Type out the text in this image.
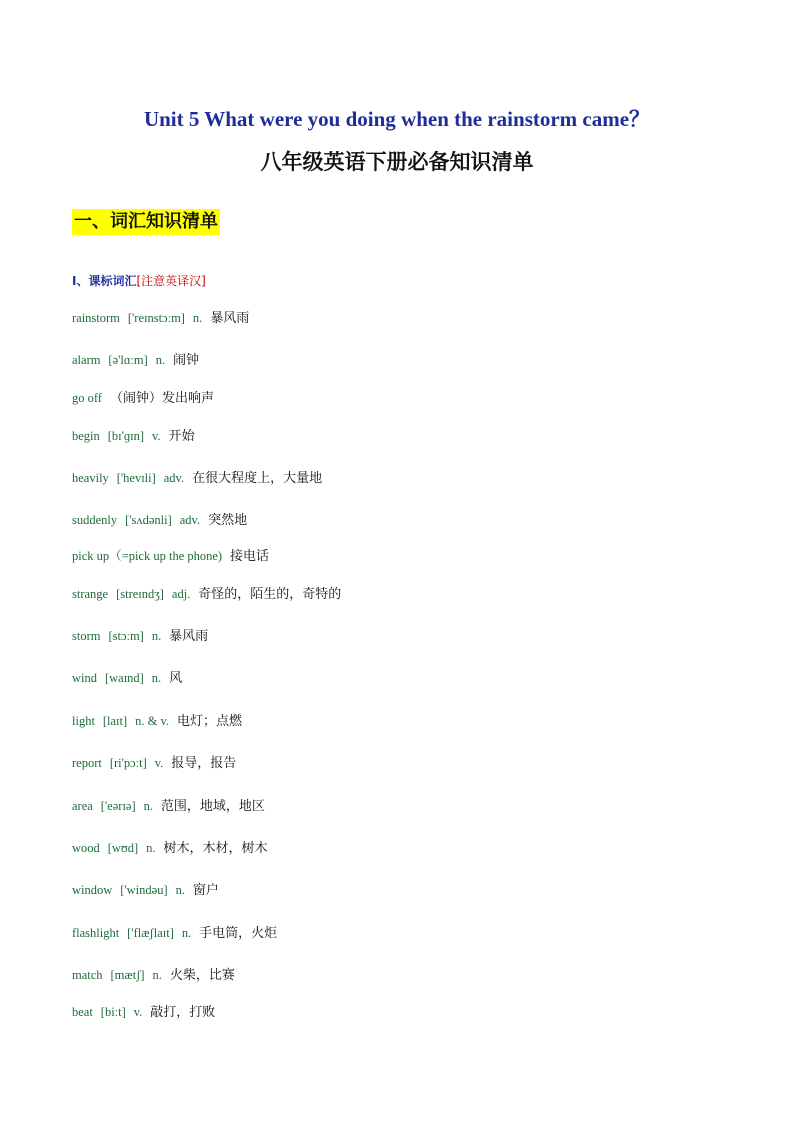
Unit 5 What were you doing when the rainstorm came？
八年级英语下册必备知识清单
一、词汇知识清单
I、课标词汇[注意英译汉]
rainstorm ['reɪnstɔːm] n. 暴风雨
alarm [ə'lɑːm] n. 闹钟
go off （闹钟）发出响声
begin [bɪ'ɡɪn] v. 开始
heavily ['hevɪli] adv. 在很大程度上，大量地
suddenly ['sʌdənli] adv. 突然地
pick up（=pick up the phone) 接电话
strange [streɪndʒ] adj. 奇怪的，陌生的，奇特的
storm [stɔːm] n. 暴风雨
wind [waɪnd] n. 风
light [laɪt] n. & v. 电灯；点燃
report [ri'pɔːt] v. 报导，报告
area ['eərɪə] n. 范围，地域，地区
wood [wʊd] n. 树木，木材，树木
window ['windəu] n. 窗户
flashlight ['flæʃlaɪt] n. 手电筒，火炬
match [mætʃ] n. 火柴，比赛
beat [biːt] v. 敲打，打败
